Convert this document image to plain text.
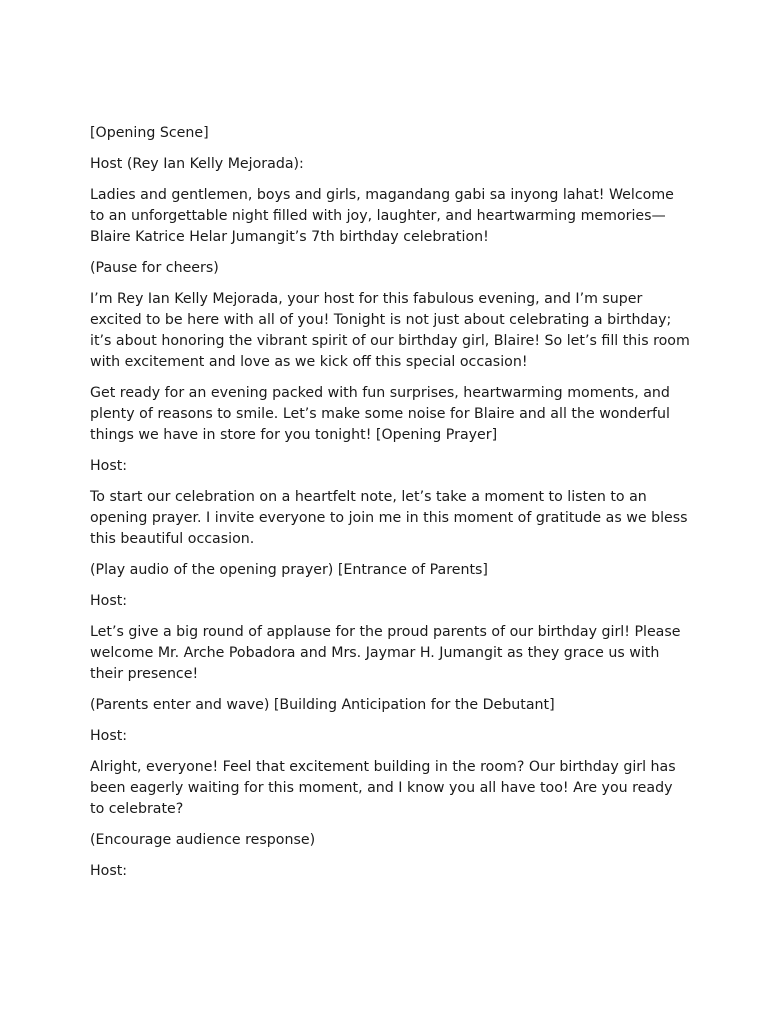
[Opening Scene]

Host (Rey Ian Kelly Mejorada):

Ladies and gentlemen, boys and girls, magandang gabi sa inyong lahat! Welcome to an unforgettable night filled with joy, laughter, and heartwarming memories—Blaire Katrice Helar Jumangit’s 7th birthday celebration!

(Pause for cheers)

I’m Rey Ian Kelly Mejorada, your host for this fabulous evening, and I’m super excited to be here with all of you! Tonight is not just about celebrating a birthday; it’s about honoring the vibrant spirit of our birthday girl, Blaire! So let’s fill this room with excitement and love as we kick off this special occasion!

Get ready for an evening packed with fun surprises, heartwarming moments, and plenty of reasons to smile. Let’s make some noise for Blaire and all the wonderful things we have in store for you tonight! [Opening Prayer]

Host:

To start our celebration on a heartfelt note, let’s take a moment to listen to an opening prayer. I invite everyone to join me in this moment of gratitude as we bless this beautiful occasion.

(Play audio of the opening prayer) [Entrance of Parents]

Host:

Let’s give a big round of applause for the proud parents of our birthday girl! Please welcome Mr. Arche Pobadora and Mrs. Jaymar H. Jumangit as they grace us with their presence!

(Parents enter and wave) [Building Anticipation for the Debutant]

Host:

Alright, everyone! Feel that excitement building in the room? Our birthday girl has been eagerly waiting for this moment, and I know you all have too! Are you ready to celebrate?

(Encourage audience response)

Host:
